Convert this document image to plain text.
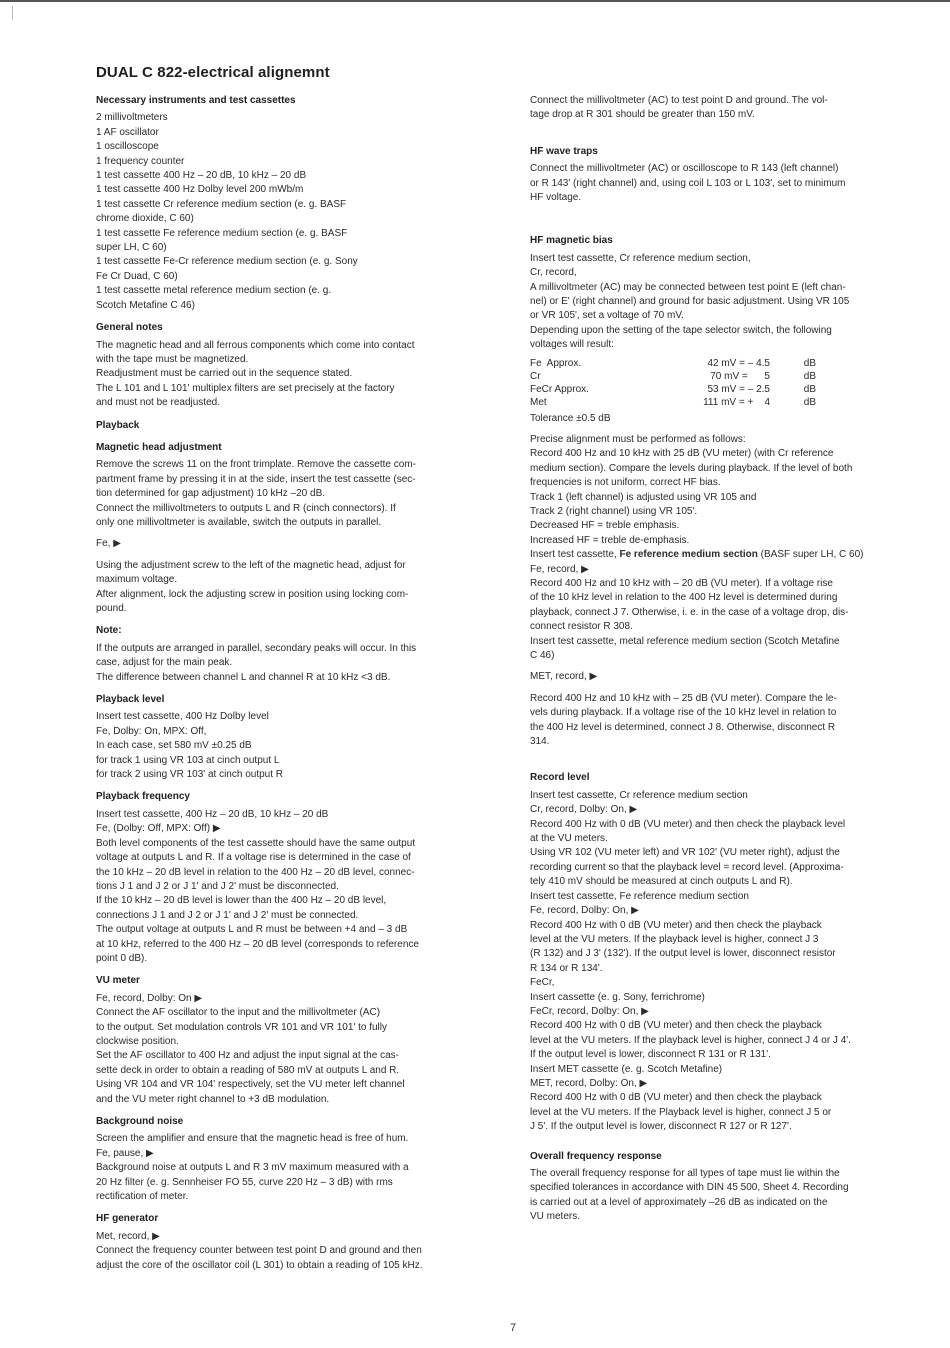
DUAL C 822-electrical alignemnt
Necessary instruments and test cassettes
2 millivoltmeters
1 AF oscillator
1 oscilloscope
1 frequency counter
1 test cassette 400 Hz – 20 dB, 10 kHz – 20 dB
1 test cassette 400 Hz Dolby level 200 mWb/m
1 test cassette Cr reference medium section (e. g. BASF
chrome dioxide, C 60)
1 test cassette Fe reference medium section (e. g. BASF
super LH, C 60)
1 test cassette Fe-Cr reference medium section (e. g. Sony
Fe Cr Duad, C 60)
1 test cassette metal reference medium section (e. g.
Scotch Metafine C 46)
General notes
The magnetic head and all ferrous components which come into contact
with the tape must be magnetized.
Readjustment must be carried out in the sequence stated.
The L 101 and L 101' multiplex filters are set precisely at the factory
and must not be readjusted.
Playback
Magnetic head adjustment
Remove the screws 11 on the front trimplate. Remove the cassette com-
partment frame by pressing it in at the side, insert the test cassette (sec-
tion determined for gap adjustment) 10 kHz –20 dB.
Connect the millivoltmeters to outputs L and R (cinch connectors). If
only one millivoltmeter is available, switch the outputs in parallel.
Fe, ▶
Using the adjustment screw to the left of the magnetic head, adjust for
maximum voltage.
After alignment, lock the adjusting screw in position using locking com-
pound.
Note:
If the outputs are arranged in parallel, secondary peaks will occur. In this
case, adjust for the main peak.
The difference between channel L and channel R at 10 kHz <3 dB.
Playback level
Insert test cassette, 400 Hz Dolby level
Fe, Dolby: On, MPX: Off,
In each case, set 580 mV ±0.25 dB
for track 1 using VR 103 at cinch output L
for track 2 using VR 103' at cinch output R
Playback frequency
Insert test cassette, 400 Hz – 20 dB, 10 kHz – 20 dB
Fe, (Dolby: Off, MPX: Off) ▶
Both level components of the test cassette should have the same output
voltage at outputs L and R. If a voltage rise is determined in the case of
the 10 kHz – 20 dB level in relation to the 400 Hz – 20 dB level, connec-
tions J 1 and J 2 or J 1' and J 2' must be disconnected.
If the 10 kHz – 20 dB level is lower than the 400 Hz – 20 dB level,
connections J 1 and J 2 or J 1' and J 2' must be connected.
The output voltage at outputs L and R must be between +4 and – 3 dB
at 10 kHz, referred to the 400 Hz – 20 dB level (corresponds to reference
point 0 dB).
VU meter
Fe, record, Dolby: On ▶
Connect the AF oscillator to the input and the millivoltmeter (AC)
to the output. Set modulation controls VR 101 and VR 101' to fully
clockwise position.
Set the AF oscillator to 400 Hz and adjust the input signal at the cas-
sette deck in order to obtain a reading of 580 mV at outputs L and R.
Using VR 104 and VR 104' respectively, set the VU meter left channel
and the VU meter right channel to +3 dB modulation.
Background noise
Screen the amplifier and ensure that the magnetic head is free of hum.
Fe, pause, ▶
Background noise at outputs L and R 3 mV maximum measured with a
20 Hz filter (e. g. Sennheiser FO 55, curve 220 Hz – 3 dB) with rms
rectification of meter.
HF generator
Met, record, ▶
Connect the frequency counter between test point D and ground and then
adjust the core of the oscillator coil (L 301) to obtain a reading of 105 kHz.
Connect the millivoltmeter (AC) to test point D and ground. The vol-
tage drop at R 301 should be greater than 150 mV.
HF wave traps
Connect the millivoltmeter (AC) or oscilloscope to R 143 (left channel)
or R 143' (right channel) and, using coil L 103 or L 103', set to minimum
HF voltage.
HF magnetic bias
Insert test cassette, Cr reference medium section,
Cr, record,
A millivoltmeter (AC) may be connected between test point E (left chan-
nel) or E' (right channel) and ground for basic adjustment. Using VR 105
or VR 105', set a voltage of 70 mV.
Depending upon the setting of the tape selector switch, the following
voltages will result:
Fe  Approx.	42 mV = – 4.5	dB
Cr	70 mV =      5	dB
FeCr Approx.	53 mV = – 2.5	dB
Met	111 mV = +    4	dB
Tolerance ±0.5 dB
Precise alignment must be performed as follows:
Record 400 Hz and 10 kHz with 25 dB (VU meter) (with Cr reference
medium section). Compare the levels during playback. If the level of both
frequencies is not uniform, correct HF bias.
Track 1 (left channel) is adjusted using VR 105 and
Track 2 (right channel) using VR 105'.
Decreased HF = treble emphasis.
Increased HF = treble de-emphasis.
Insert test cassette, Fe reference medium section (BASF super LH, C 60)
Fe, record, ▶
Record 400 Hz and 10 kHz with – 20 dB (VU meter). If a voltage rise
of the 10 kHz level in relation to the 400 Hz level is determined during
playback, connect J 7. Otherwise, i. e. in the case of a voltage drop, dis-
connect resistor R 308.
Insert test cassette, metal reference medium section (Scotch Metafine
C 46)
MET, record, ▶
Record 400 Hz and 10 kHz with – 25 dB (VU meter). Compare the le-
vels during playback. If a voltage rise of the 10 kHz level in relation to
the 400 Hz level is determined, connect J 8. Otherwise, disconnect R
314.
Record level
Insert test cassette, Cr reference medium section
Cr, record, Dolby: On, ▶
Record 400 Hz with 0 dB (VU meter) and then check the playback level
at the VU meters.
Using VR 102 (VU meter left) and VR 102' (VU meter right), adjust the
recording current so that the playback level = record level. (Approxima-
tely 410 mV should be measured at cinch outputs L and R).
Insert test cassette, Fe reference medium section
Fe, record, Dolby: On, ▶
Record 400 Hz with 0 dB (VU meter) and then check the playback
level at the VU meters. If the playback level is higher, connect J 3
(R 132) and J 3' (132'). If the output level is lower, disconnect resistor
R 134 or R 134'.
FeCr,
Insert cassette (e. g. Sony, ferrichrome)
FeCr, record, Dolby: On, ▶
Record 400 Hz with 0 dB (VU meter) and then check the playback
level at the VU meters. If the playback level is higher, connect J 4 or J 4'.
If the output level is lower, disconnect R 131 or R 131'.
Insert MET cassette (e. g. Scotch Metafine)
MET, record, Dolby: On, ▶
Record 400 Hz with 0 dB (VU meter) and then check the playback
level at the VU meters. If the Playback level is higher, connect J 5 or
J 5'. If the output level is lower, disconnect R 127 or R 127'.
Overall frequency response
The overall frequency response for all types of tape must lie within the
specified tolerances in accordance with DIN 45 500, Sheet 4. Recording
is carried out at a level of approximately –26 dB as indicated on the
VU meters.
7
